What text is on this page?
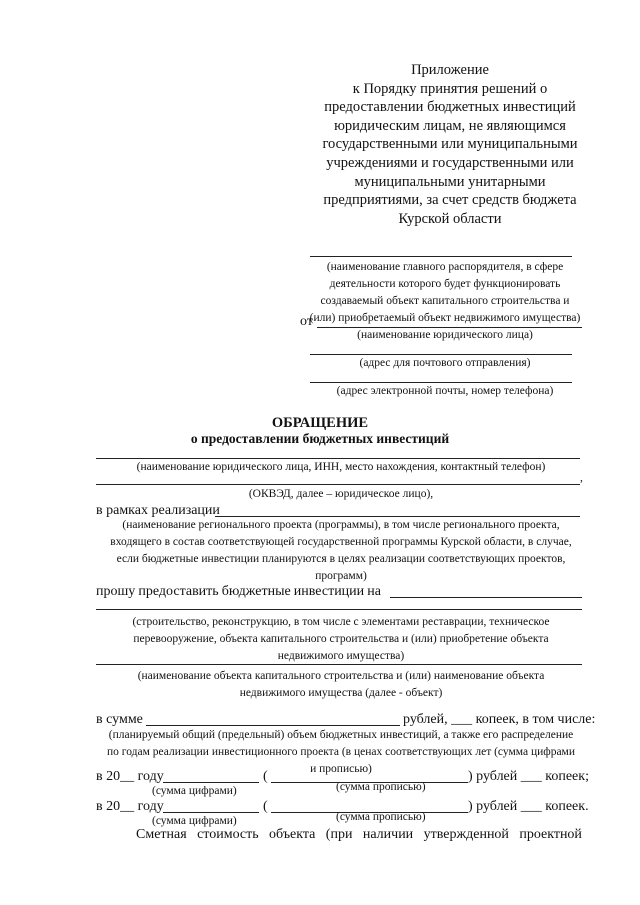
Приложение
к Порядку принятия решений о
предоставлении бюджетных инвестиций
юридическим лицам, не являющимся
государственными или муниципальными
учреждениями и государственными или
муниципальными унитарными
предприятиями, за счет средств бюджета
Курской области
(наименование главного распорядителя, в сфере
деятельности которого будет функционировать
создаваемый объект капитального строительства и
(или) приобретаемый объект недвижимого имущества)
от
(наименование юридического лица)
(адрес для почтового отправления)
(адрес электронной почты, номер телефона)
ОБРАЩЕНИЕ
о предоставлении бюджетных инвестиций
(наименование юридического лица, ИНН, место нахождения, контактный телефон)
,
(ОКВЭД, далее – юридическое лицо),
в рамках реализации
(наименование регионального проекта (программы), в том числе регионального проекта,
входящего в состав соответствующей государственной программы Курской области, в случае,
если бюджетные инвестиции планируются в целях реализации соответствующих проектов,
программ)
прошу предоставить бюджетные инвестиции на
(строительство, реконструкцию, в том числе с элементами реставрации, техническое
перевооружение, объекта капитального строительства и (или) приобретение объекта
недвижимого имущества)
(наименование объекта капитального строительства и (или) наименование объекта
недвижимого имущества (далее - объект)
в сумме	рублей, ___ копеек, в том числе:
(планируемый общий (предельный) объем бюджетных инвестиций, а также его распределение
по годам реализации инвестиционного проекта (в ценах соответствующих лет (сумма цифрами
и прописью)
в 20__ году	(	) рублей ___ копеек;
(сумма цифрами)	(сумма прописью)
в 20__ году	(	) рублей ___ копеек.
(сумма цифрами)	(сумма прописью)
Сметная стоимость объекта (при наличии утвержденной проектной
